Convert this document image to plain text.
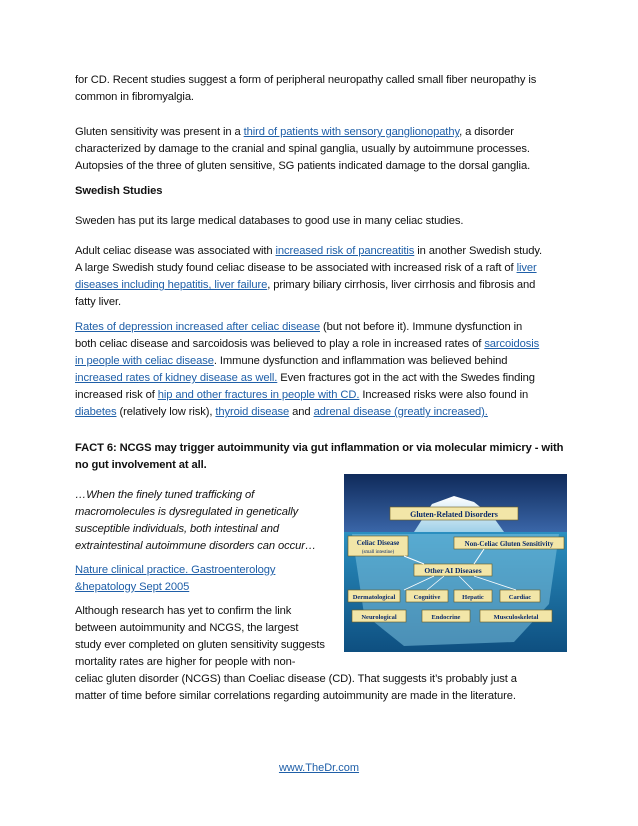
for CD. Recent studies suggest a form of peripheral neuropathy called small fiber neuropathy is

common in fibromyalgia.

Gluten sensitivity was present in a third of patients with sensory ganglionopathy, a disorder

characterized by damage to the cranial and spinal ganglia, usually by autoimmune processes.

Autopsies of the three of gluten sensitive, SG patients indicated damage to the dorsal ganglia.

Swedish Studies

Sweden has put its large medical databases to good use in many celiac studies.

Adult celiac disease was associated with increased risk of pancreatitis in another Swedish study.

A large Swedish study found celiac disease to be associated with increased risk of a raft of liver

diseases including hepatitis, liver failure, primary biliary cirrhosis, liver cirrhosis and fibrosis and

fatty liver.

Rates of depression increased after celiac disease (but not before it). Immune dysfunction in

both celiac disease and sarcoidosis was believed to play a role in increased rates of sarcoidosis

in people with celiac disease. Immune dysfunction and inflammation was believed behind

increased rates of kidney disease as well. Even fractures got in the act with the Swedes finding

increased risk of hip and other fractures in people with CD. Increased risks were also found in

diabetes (relatively low risk), thyroid disease and adrenal disease (greatly increased).

FACT 6: NCGS may trigger autoimmunity via gut inflammation or via molecular mimicry - with

no gut involvement at all.

…When the finely tuned trafficking of

macromolecules is dysregulated in genetically

susceptible individuals, both intestinal and

extraintestinal autoimmune disorders can occur…

Nature clinical practice. Gastroenterology

&hepatology Sept 2005

Although research has yet to confirm the link

between autoimmunity and NCGS, the largest

study ever completed on gluten sensitivity suggests

mortality rates are higher for people with non-

celiac gluten disorder (NCGS) than Coeliac disease (CD). That suggests it’s probably just a

matter of time before similar correlations regarding autoimmunity are made in the literature.

Gluten-Related Disorders
Celiac Disease
(small intestine)
Non-Celiac Gluten Sensitivity
Other AI Diseases
Dermatological	Cognitive	Hepatic	Cardiac
Neurological	Endocrine	Musculoskeletal
www.TheDr.com
